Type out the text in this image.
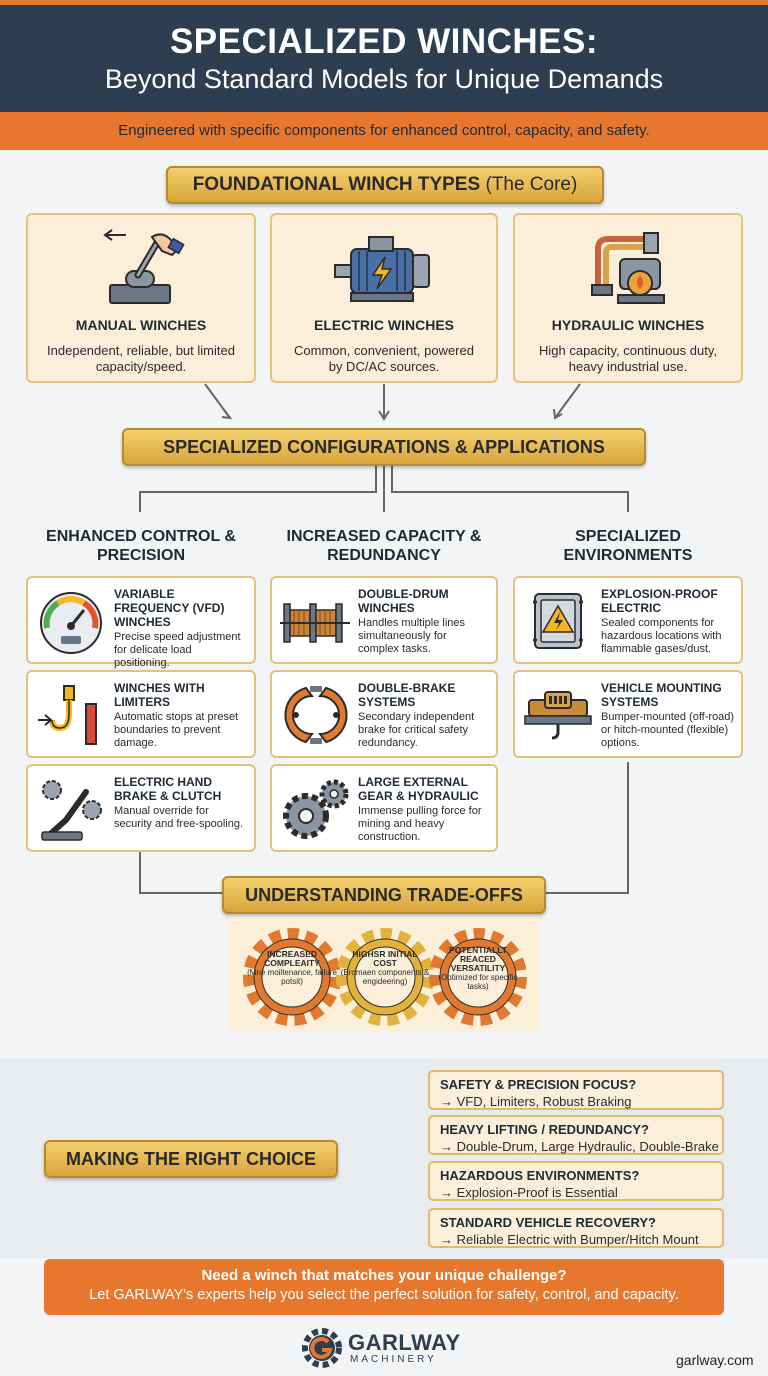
SPECIALIZED WINCHES:
Beyond Standard Models for Unique Demands
Engineered with specific components for enhanced control, capacity, and safety.
FOUNDATIONAL WINCH TYPES
(The Core)
MANUAL WINCHES
Independent, reliable, but limited capacity/speed.
ELECTRIC WINCHES
Common, convenient, powered by DC/AC sources.
HYDRAULIC WINCHES
High capacity, continuous duty, heavy industrial use.
SPECIALIZED CONFIGURATIONS & APPLICATIONS
ENHANCED CONTROL & PRECISION
INCREASED CAPACITY & REDUNDANCY
SPECIALIZED ENVIRONMENTS
VARIABLE FREQUENCY (VFD) WINCHES
Precise speed adjustment for delicate load positioning.
WINCHES WITH LIMITERS
Automatic stops at preset boundaries to prevent damage.
ELECTRIC HAND BRAKE & CLUTCH
Manual override for security and free-spooling.
DOUBLE-DRUM WINCHES
Handles multiple lines simultaneously for complex tasks.
DOUBLE-BRAKE SYSTEMS
Secondary independent brake for critical safety redundancy.
LARGE EXTERNAL GEAR & HYDRAULIC
Immense pulling force for mining and heavy construction.
EXPLOSION-PROOF ELECTRIC
Sealed components for hazardous locations with flammable gases/dust.
VEHICLE MOUNTING SYSTEMS
Bumper-mounted (off-road) or hitch-mounted (flexible) options.
UNDERSTANDING TRADE-OFFS
INCREASED COMPLEAITY
(Mne moiltenance, failure potsit)
HIGHSR INITIAL COST
(Bromaen components & engideering)
POTENTIALLT REACED VERSATILITY
(Optimized for specific tasks)
MAKING THE RIGHT CHOICE
SAFETY & PRECISION FOCUS?
→ VFD, Limiters, Robust Braking
HEAVY LIFTING / REDUNDANCY?
→ Double-Drum, Large Hydraulic, Double-Brake
HAZARDOUS ENVIRONMENTS?
→ Explosion-Proof is Essential
STANDARD VEHICLE RECOVERY?
→ Reliable Electric with Bumper/Hitch Mount
Need a winch that matches your unique challenge?
Let GARLWAY's experts help you select the perfect solution for safety, control, and capacity.
GARLWAY
MACHINERY	garlway.com
